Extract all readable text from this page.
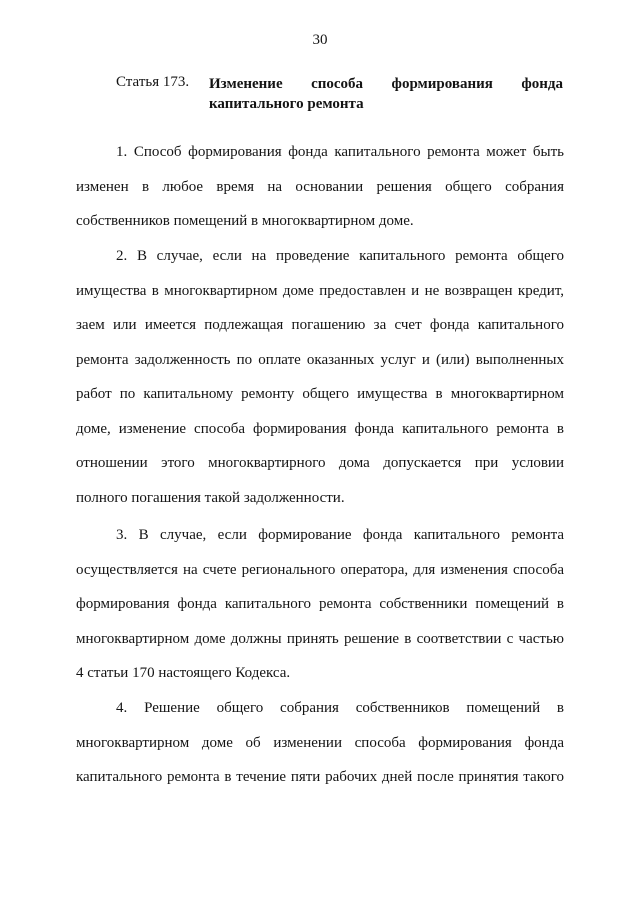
30
Статья 173. Изменение способа формирования фонда
капитального ремонта
1. Способ формирования фонда капитального ремонта может быть
изменен в любое время на основании решения общего собрания
собственников помещений в многоквартирном доме.
2. В случае, если на проведение капитального ремонта общего
имущества в многоквартирном доме предоставлен и не возвращен кредит,
заем или имеется подлежащая погашению за счет фонда капитального
ремонта задолженность по оплате оказанных услуг и (или) выполненных
работ по капитальному ремонту общего имущества в многоквартирном
доме, изменение способа формирования фонда капитального ремонта в
отношении этого многоквартирного дома допускается при условии
полного погашения такой задолженности.
3. В случае, если формирование фонда капитального ремонта
осуществляется на счете регионального оператора, для изменения способа
формирования фонда капитального ремонта собственники помещений в
многоквартирном доме должны принять решение в соответствии с частью
4 статьи 170 настоящего Кодекса.
4. Решение общего собрания собственников помещений в
многоквартирном доме об изменении способа формирования фонда
капитального ремонта в течение пяти рабочих дней после принятия такого
